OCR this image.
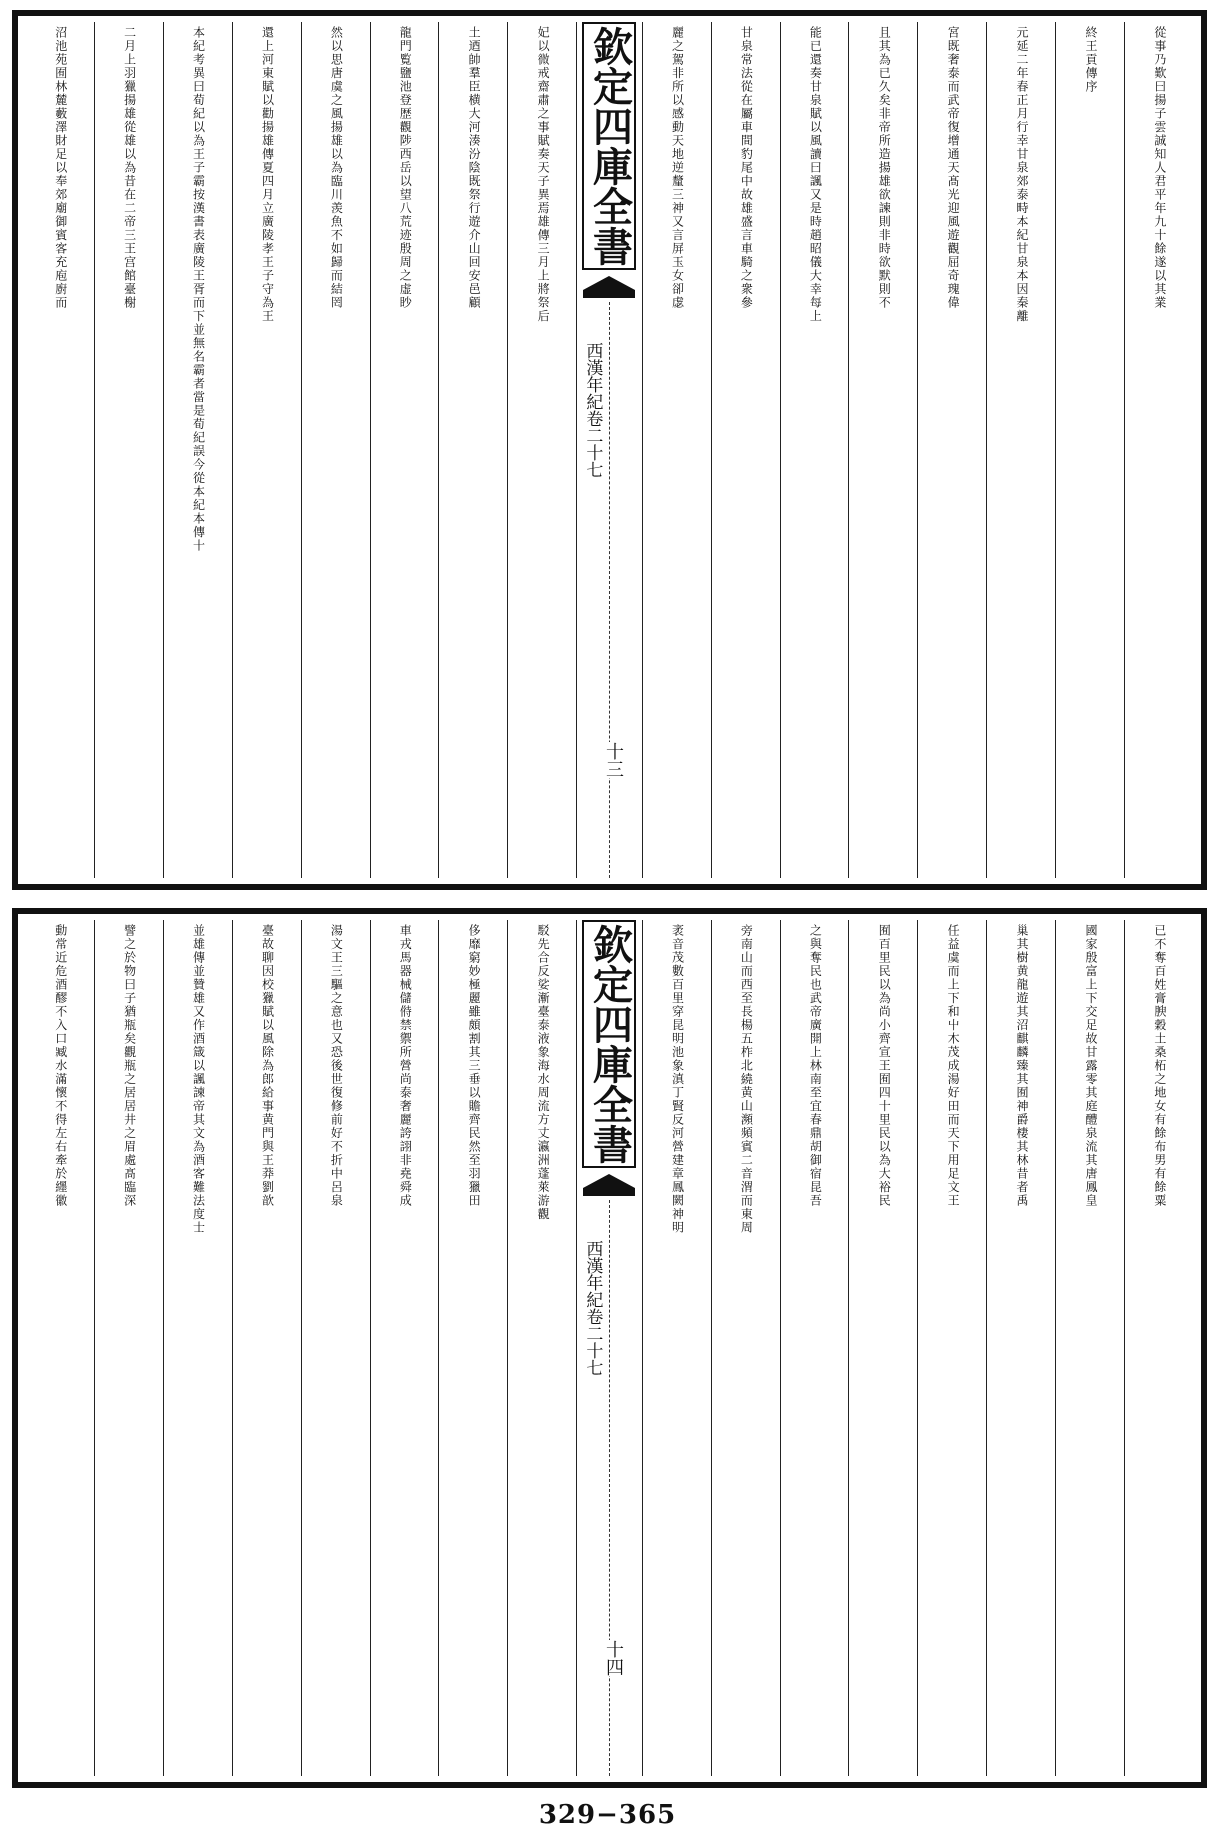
從事乃歎曰揚子雲誠知人君平年九十餘遂以其業
終王貢傳序
元延二年春正月行幸甘泉郊泰畤本紀甘泉本因秦離
宮既奢泰而武帝復增通天髙光迎風遊觀屈奇瑰偉
且其為已久矣非帝所造揚雄欲諫則非時欲默則不
能已還奏甘泉賦以風讀曰諷又是時趙昭儀大幸每上
甘泉常法從在屬車間豹尾中故雄盛言車騎之衆參
麗之駕非所以感動天地逆釐三神又言屏玉女卻虙
欽定四庫全書
西漢年紀卷二十七
十三
妃以微戒齋肅之事賦奏天子異焉雄傳三月上將祭后
土迺帥羣臣横大河湊汾陰既祭行遊介山回安邑顧
龍門覧鹽池登歴觀陟西岳以望八荒迹殷周之虚眇
然以思唐虞之風揚雄以為臨川羡魚不如歸而結罔
還上河東賦以勸揚雄傳夏四月立廣陵孝王子守為王
本紀考異曰荀紀以為王子霸按漢書表廣陵王胥而下並無名霸者當是荀紀誤今從本紀本傳十
二月上羽獵揚雄從雄以為昔在二帝三王宫館臺榭
沼池苑囿林麓藪澤財足以奉郊廟御賓客充庖廚而
已不奪百姓膏腴穀土桑柘之地女有餘布男有餘粟
國家殷富上下交足故甘露零其庭醴泉流其唐鳳皇
巢其樹黄龍遊其沼麒麟臻其囿神爵棲其林昔者禹
任益虞而上下和屮木茂成湯好田而天下用足文王
囿百里民以為尚小齊宣王囿四十里民以為大裕民
之與奪民也武帝廣開上林南至宜春鼎胡御宿昆吾
旁南山而西至長楊五柞北繞黄山瀕頻賓二音渭而東周
袤音茂數百里穿昆明池象滇丁賢反河營建章鳳闕神明
欽定四庫全書
西漢年紀卷二十七
十四
駁先合反娑漸臺泰液象海水周流方丈瀛洲蓬萊游觀
侈靡窮妙極麗雖頗割其三垂以贍齊民然至羽獵田
車戎馬器械儲偫禁禦所營尚泰奢麗誇詡非堯舜成
湯文王三驅之意也又恐後世復修前好不折中呂泉
臺故聊因校獵賦以風除為郎給事黄門與王莽劉歆
並雄傳並贊雄又作酒箴以諷諫帝其文為酒客難法度士
譬之於物曰子猶瓶矣觀瓶之居居井之眉處髙臨深
動常近危酒醪不入口臧水滿懷不得左右牽於纆徽
329−365
